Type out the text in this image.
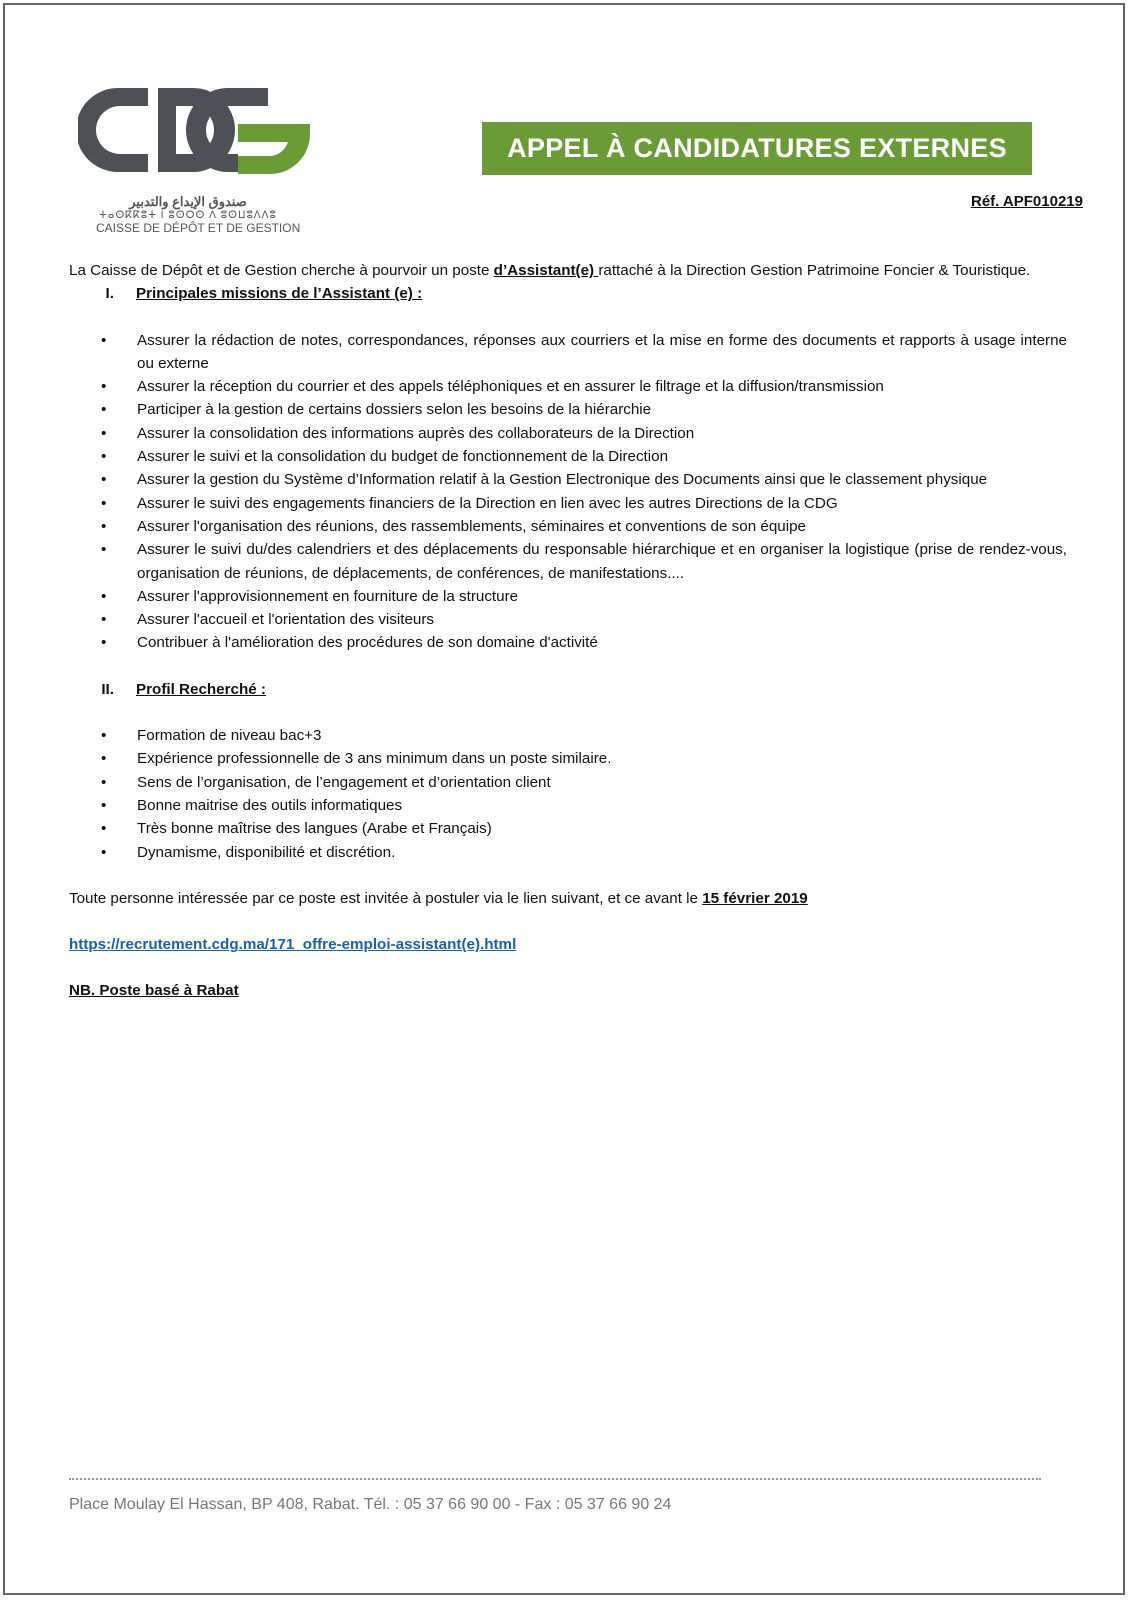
صندوق الإيداع والتدبير
ⵜⴰⵙⴽⴽⵓⵜ ⵏ ⵓⵙⵔⵙ ⴷ ⵓⵙⵡⵓⴷⴷⵓ
CAISSE DE DÉPÔT ET DE GESTION
APPEL À CANDIDATURES EXTERNES
Réf. APF010219

La Caisse de Dépôt et de Gestion cherche à pourvoir un poste d’Assistant(e) rattaché à la Direction Gestion Patrimoine Foncier & Touristique.

I.	Principales missions de l’Assistant (e) :
• Assurer la rédaction de notes, correspondances, réponses aux courriers et la mise en forme des documents et rapports à usage interne ou externe
• Assurer la réception du courrier et des appels téléphoniques et en assurer le filtrage et la diffusion/transmission
• Participer à la gestion de certains dossiers selon les besoins de la hiérarchie
• Assurer la consolidation des informations auprès des collaborateurs de la Direction
• Assurer le suivi et la consolidation du budget de fonctionnement de la Direction
• Assurer la gestion du Système d’Information relatif à la Gestion Electronique des Documents ainsi que le classement physique
• Assurer le suivi des engagements financiers de la Direction en lien avec les autres Directions de la CDG
• Assurer l'organisation des réunions, des rassemblements, séminaires et conventions de son équipe
• Assurer le suivi du/des calendriers et des déplacements du responsable hiérarchique et en organiser la logistique (prise de rendez-vous, organisation de réunions, de déplacements, de conférences, de manifestations....
• Assurer l'approvisionnement en fourniture de la structure
• Assurer l'accueil et l'orientation des visiteurs
• Contribuer à l'amélioration des procédures de son domaine d'activité
II.	Profil Recherché :
• Formation de niveau bac+3
• Expérience professionnelle de 3 ans minimum dans un poste similaire.
• Sens de l’organisation, de l’engagement et d’orientation client
• Bonne maitrise des outils informatiques
• Très bonne maîtrise des langues (Arabe et Français)
• Dynamisme, disponibilité et discrétion.

Toute personne intéressée par ce poste est invitée à postuler via le lien suivant, et ce avant le 15 février 2019

https://recrutement.cdg.ma/171_offre-emploi-assistant(e).html

NB. Poste basé à Rabat

Place Moulay El Hassan, BP 408, Rabat. Tél. : 05 37 66 90 00 - Fax : 05 37 66 90 24
